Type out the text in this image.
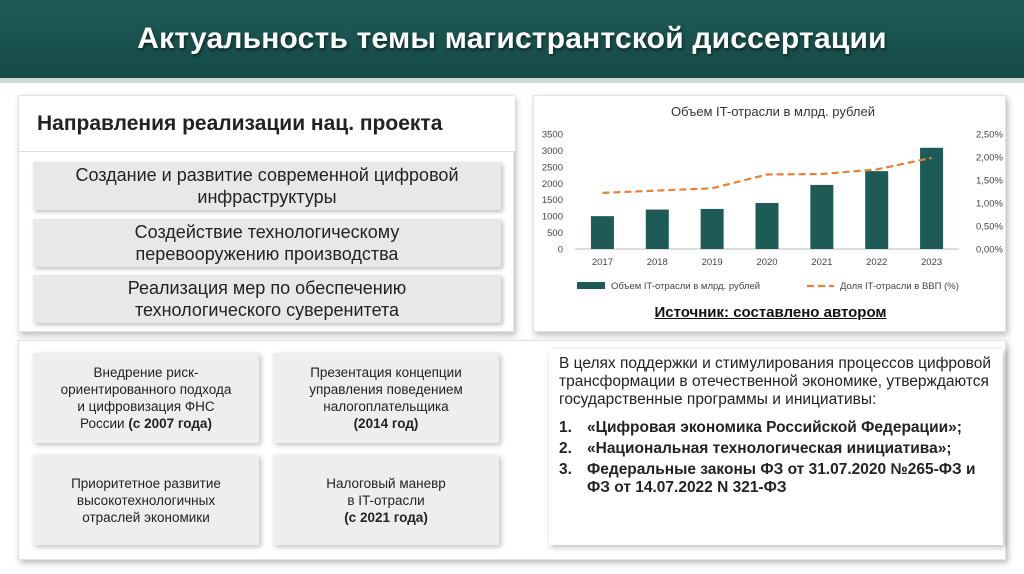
Актуальность темы магистрантской диссертации
Направления реализации нац. проекта
Создание и развитие современной цифровой
инфраструктуры
Создействие технологическому
перевооружению производства
Реализация мер по обеспечению
технологического суверенитета
Объем IT-отрасли в млрд. рублей
0
500
1000
1500
2000
2500
3000
3500
0,00%
0,50%
1,00%
1,50%
2,00%
2,50%
2017	2018	2019	2020	2021	2022	2023
Объем IT-отрасли в млрд. рублей	Доля IT-отрасли в ВВП (%)
Источник: составлено автором
Внедрение риск-
ориентированного подхода
и цифровизация ФНС
России (с 2007 года)
Презентация концепции
управления поведением
налогоплательщика
(2014 год)
Приоритетное развитие
высокотехнологичных
отраслей экономики
Налоговый маневр
в IT-отрасли
(с 2021 года)
В целях поддержки и стимулирования процессов цифровой трансформации в отечественной экономике, утверждаются государственные программы и инициативы:
1. «Цифровая экономика Российской Федерации»;
2. «Национальная технологическая инициатива»;
3. Федеральные законы ФЗ от 31.07.2020 №265-ФЗ и ФЗ от 14.07.2022 N 321-ФЗ
